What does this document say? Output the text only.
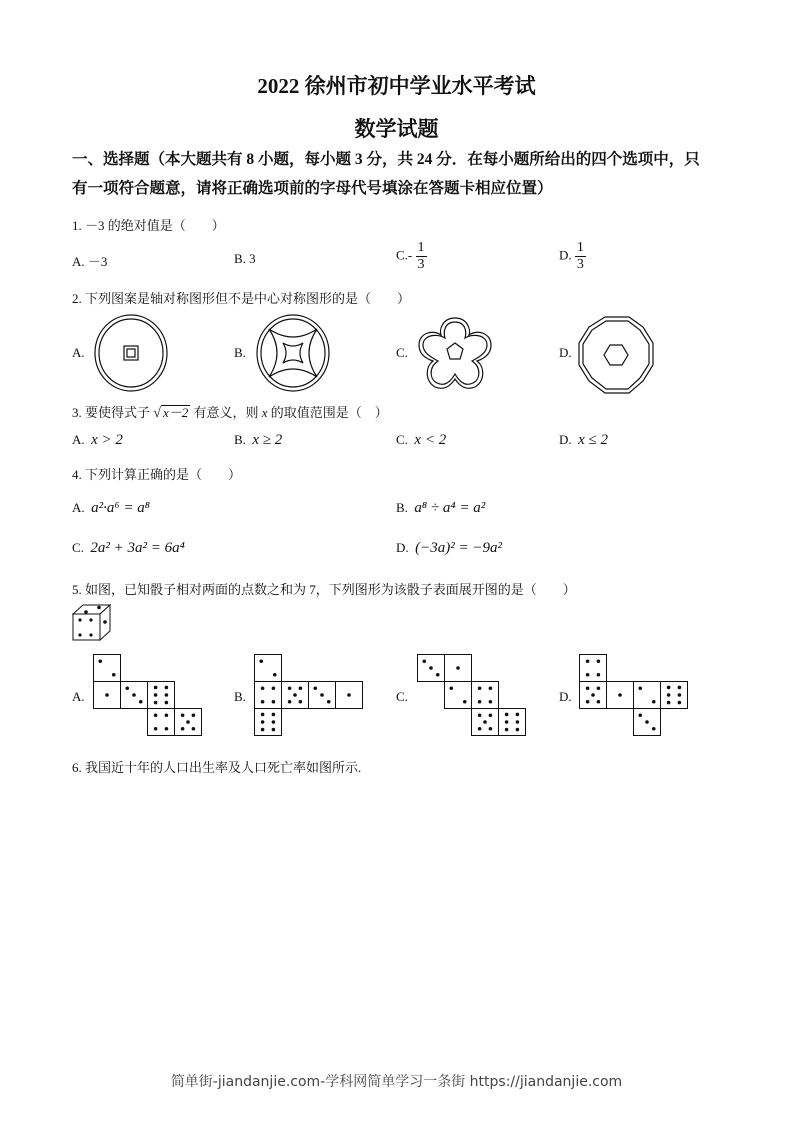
2022 徐州市初中学业水平考试
数学试题
一、选择题（本大题共有 8 小题，每小题 3 分，共 24 分．在每小题所给出的四个选项中，只
有一项符合题意，请将正确选项前的字母代号填涂在答题卡相应位置）
1. －3 的绝对值是（　　）
A. －3	B. 3	$C.- \frac{1}{3}$	D. $\frac{1}{3}$
2. 下列图案是轴对称图形但不是中心对称图形的是（　　）
A.	B.	C.	D.
3. 要使得式子 √ x－2 有意义，则 x 的取值范围是（　）
A. x > 2	B. x ≥ 2	C. x < 2	D. x ≤ 2
4. 下列计算正确的是（　　）
A. a²·a⁶ = a⁸	B. a⁸ ÷ a⁴ = a²
C. 2a² + 3a² = 6a⁴	D. (−3a)² = −9a²
5. 如图，已知骰子相对两面的点数之和为 7，下列图形为该骰子表面展开图的是（　　）
A.	B.	C.	D.
6. 我国近十年的人口出生率及人口死亡率如图所示.
简单街-jiandanjie.com-学科网简单学习一条街 https://jiandanjie.com
